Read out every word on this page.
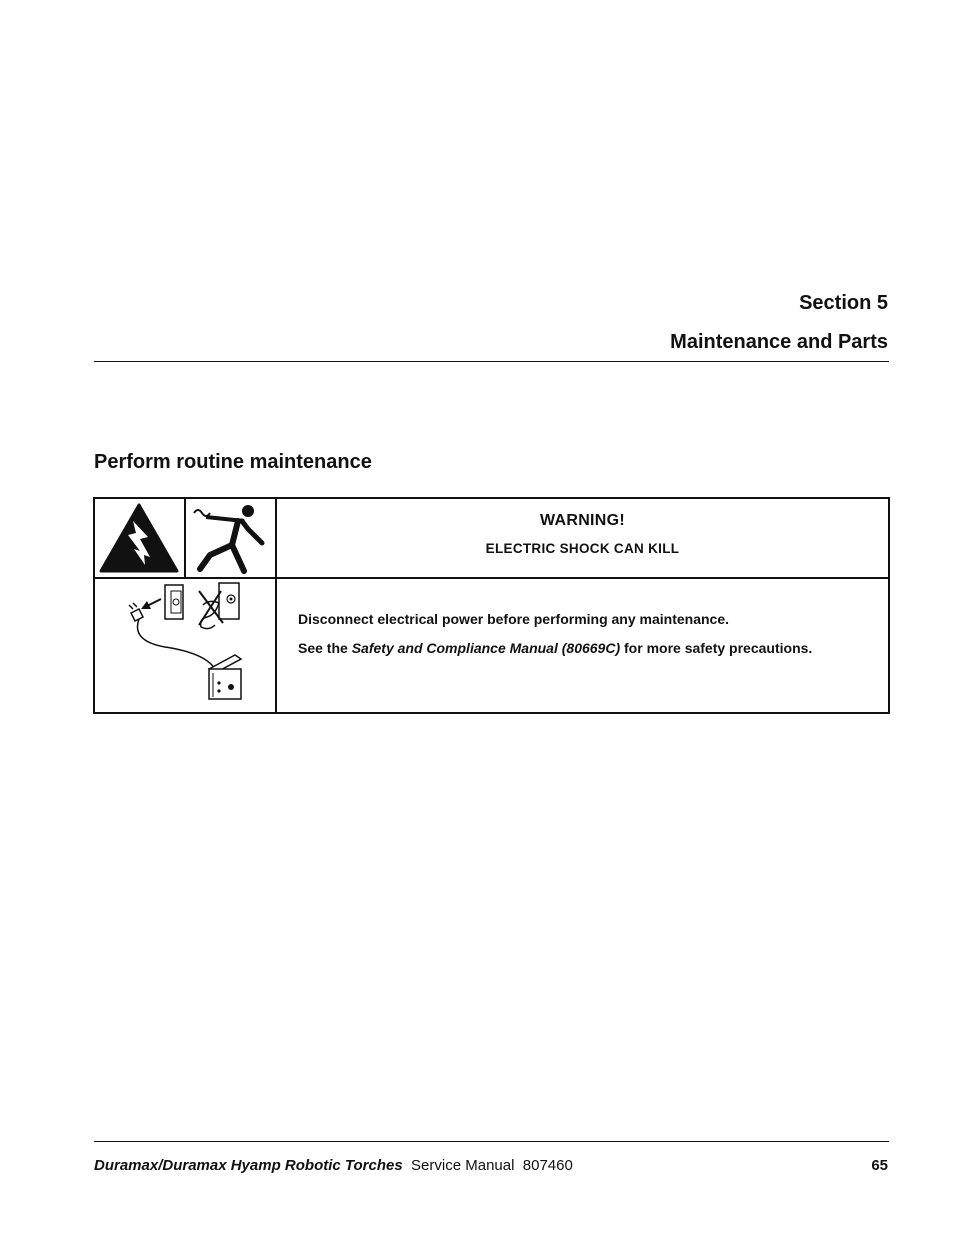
Section 5
Maintenance and Parts
Perform routine maintenance
WARNING!
ELECTRIC SHOCK CAN KILL

Disconnect electrical power before performing any maintenance.

See the Safety and Compliance Manual (80669C) for more safety precautions.

Duramax/Duramax Hyamp Robotic Torches Service Manual 807460	65
